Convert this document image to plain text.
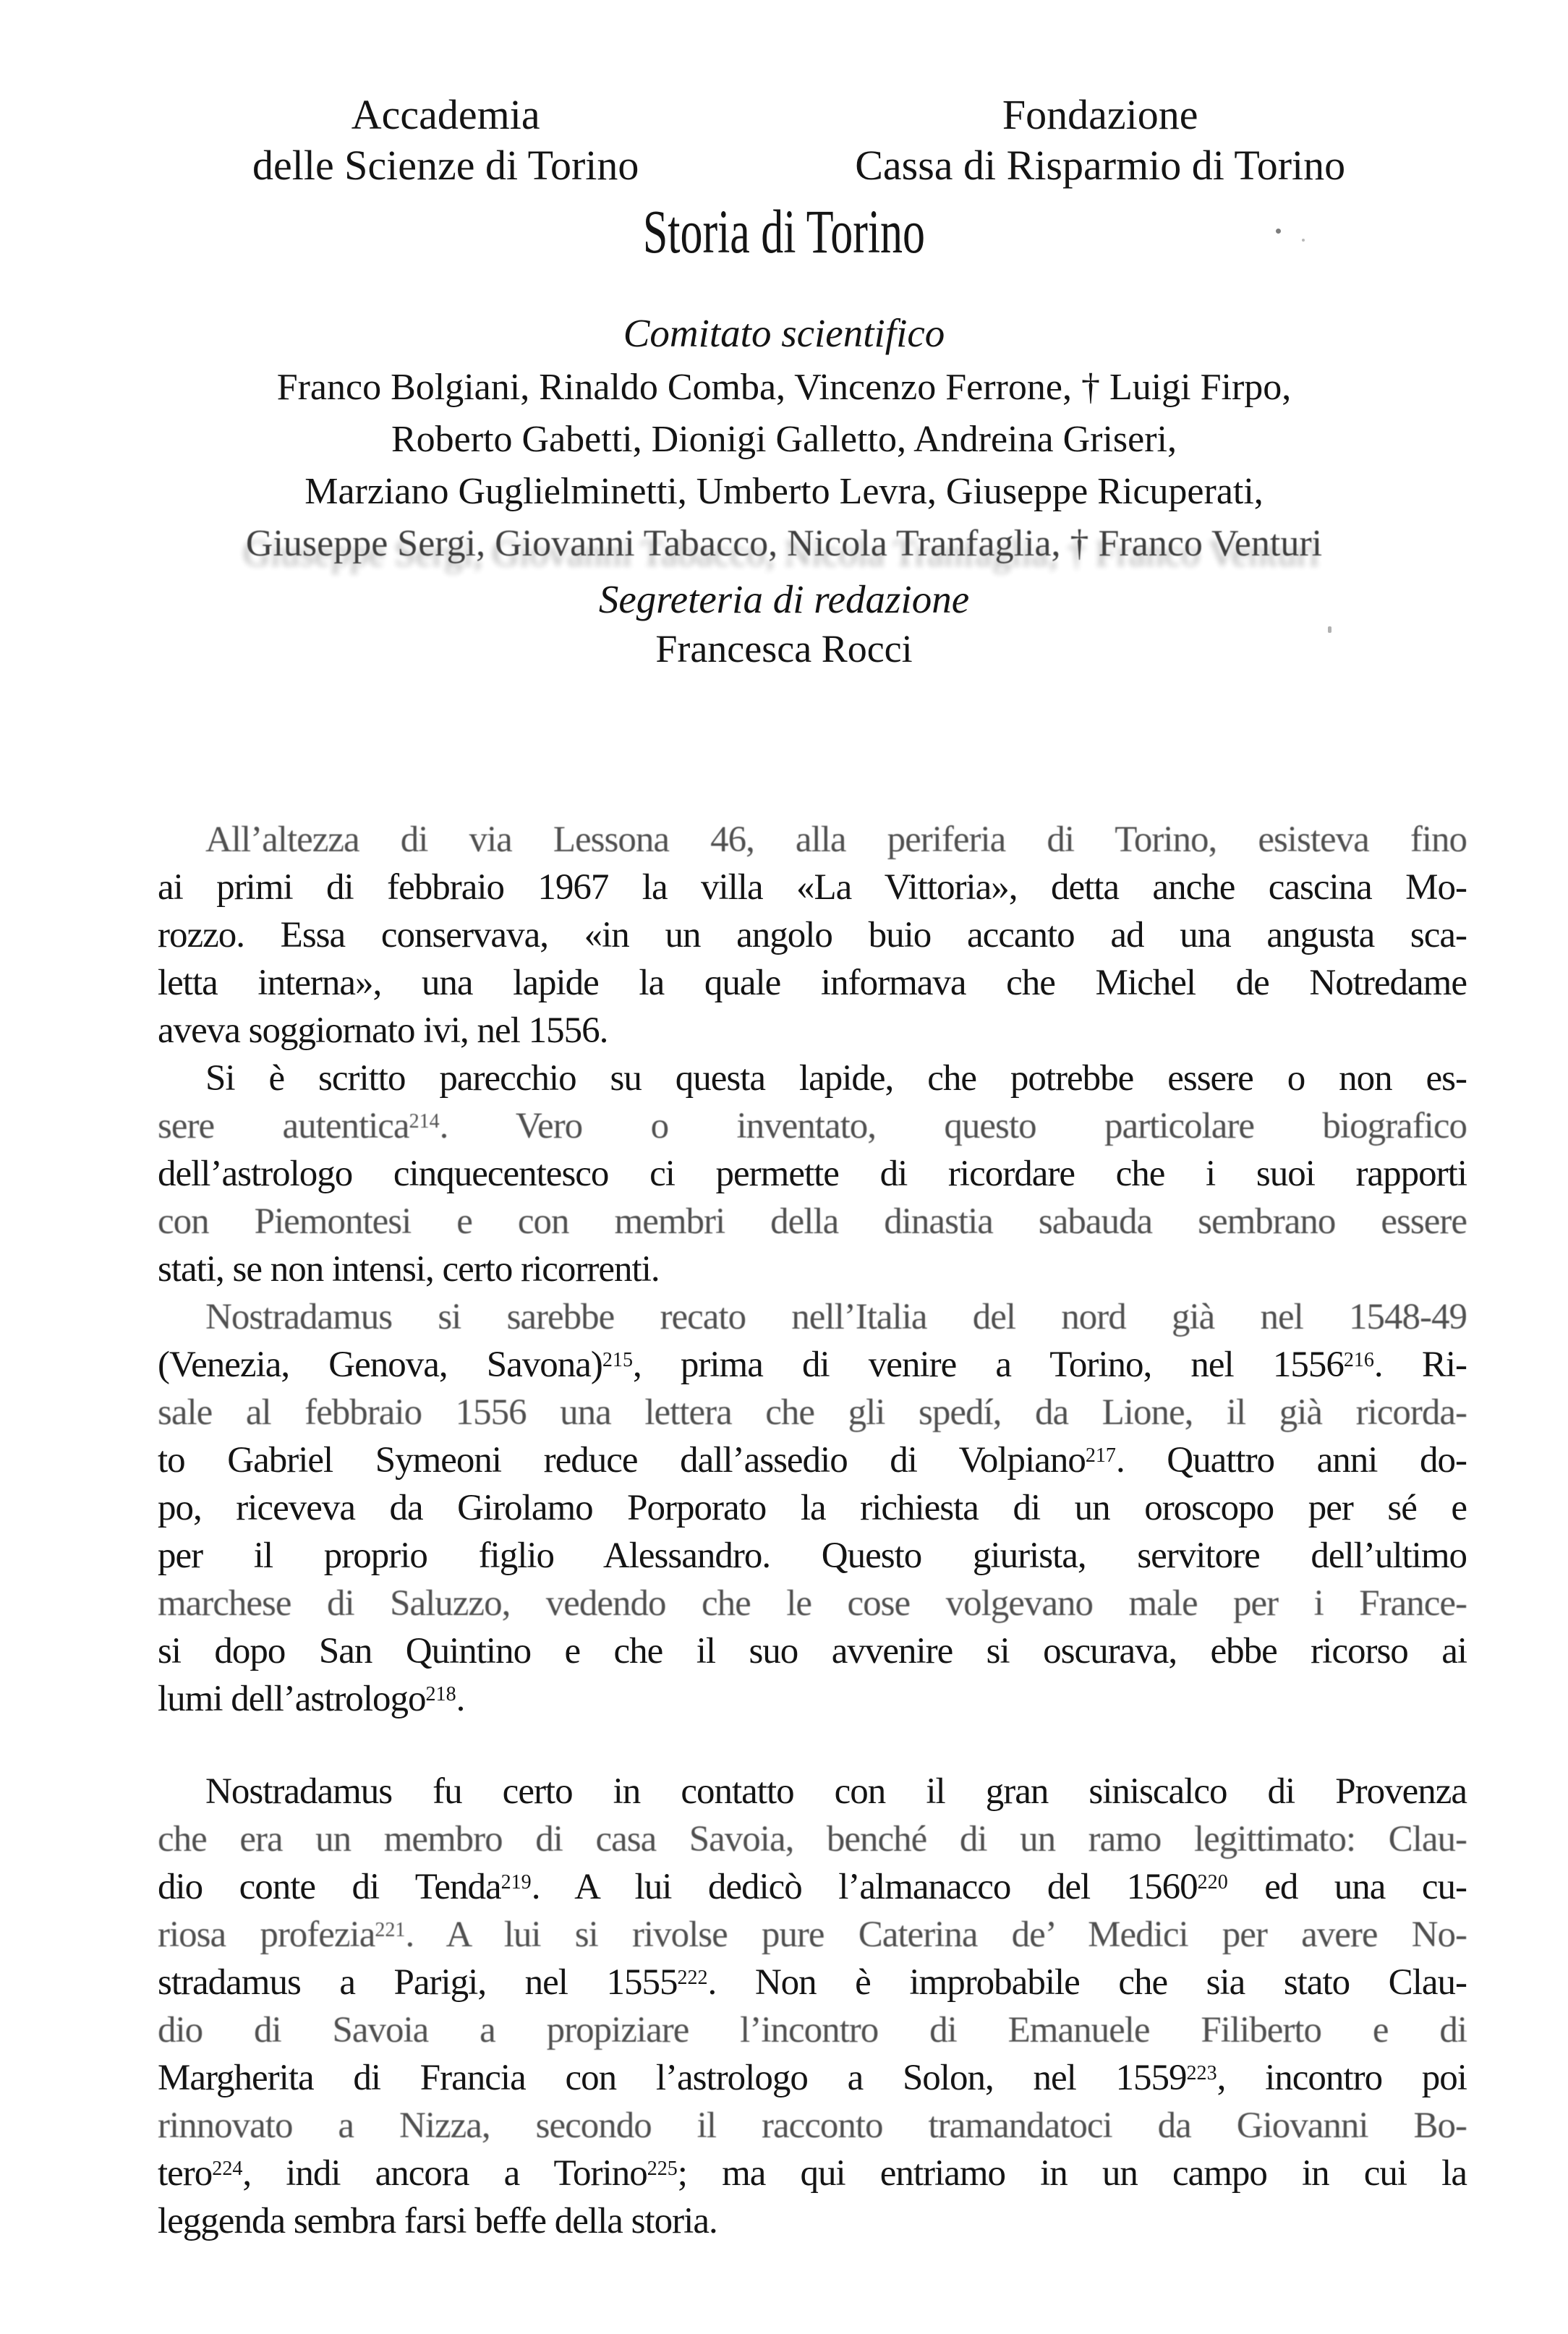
Accademia
delle Scienze di Torino
Fondazione
Cassa di Risparmio di Torino
Storia di Torino
Comitato scientifico
Franco Bolgiani, Rinaldo Comba, Vincenzo Ferrone, † Luigi Firpo,
Roberto Gabetti, Dionigi Galletto, Andreina Griseri,
Marziano Guglielminetti, Umberto Levra, Giuseppe Ricuperati,
Giuseppe Sergi, Giovanni Tabacco, Nicola Tranfaglia, † Franco Venturi
Segreteria di redazione
Francesca Rocci
All’altezza di via Lessona 46, alla periferia di Torino, esisteva fino
ai primi di febbraio 1967 la villa «La Vittoria», detta anche cascina Mo-
rozzo. Essa conservava, «in un angolo buio accanto ad una angusta sca-
letta interna», una lapide la quale informava che Michel de Notredame
aveva soggiornato ivi, nel 1556.
Si è scritto parecchio su questa lapide, che potrebbe essere o non es-
sere autentica$^{214}$. Vero o inventato, questo particolare biografico
dell’astrologo cinquecentesco ci permette di ricordare che i suoi rapporti
con Piemontesi e con membri della dinastia sabauda sembrano essere
stati, se non intensi, certo ricorrenti.
Nostradamus si sarebbe recato nell’Italia del nord già nel 1548-49
(Venezia, Genova, Savona)$^{215}$, prima di venire a Torino, nel 1556$^{216}$. Ri-
sale al febbraio 1556 una lettera che gli spedí, da Lione, il già ricorda-
to Gabriel Symeoni reduce dall’assedio di Volpiano$^{217}$. Quattro anni do-
po, riceveva da Girolamo Porporato la richiesta di un oroscopo per sé e
per il proprio figlio Alessandro. Questo giurista, servitore dell’ultimo
marchese di Saluzzo, vedendo che le cose volgevano male per i France-
si dopo San Quintino e che il suo avvenire si oscurava, ebbe ricorso ai
lumi dell’astrologo$^{218}$.
Nostradamus fu certo in contatto con il gran siniscalco di Provenza
che era un membro di casa Savoia, benché di un ramo legittimato: Clau-
dio conte di Tenda$^{219}$. A lui dedicò l’almanacco del 1560$^{220}$ ed una cu-
riosa profezia$^{221}$. A lui si rivolse pure Caterina de’ Medici per avere No-
stradamus a Parigi, nel 1555$^{222}$. Non è improbabile che sia stato Clau-
dio di Savoia a propiziare l’incontro di Emanuele Filiberto e di
Margherita di Francia con l’astrologo a Solon, nel 1559$^{223}$, incontro poi
rinnovato a Nizza, secondo il racconto tramandatoci da Giovanni Bo-
tero$^{224}$, indi ancora a Torino$^{225}$; ma qui entriamo in un campo in cui la
leggenda sembra farsi beffe della storia.
